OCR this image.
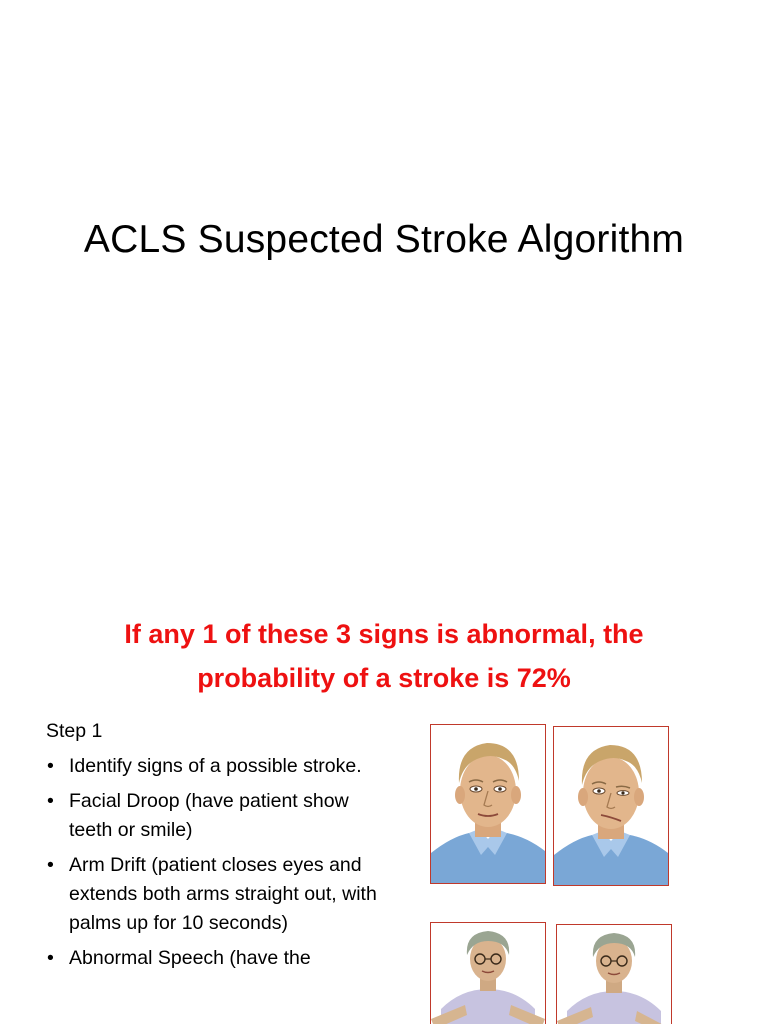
ACLS Suspected Stroke Algorithm
If any 1 of these 3 signs is abnormal, the
probability of a stroke is 72%
Step 1
• Identify signs of a possible stroke.
• Facial Droop (have patient show teeth or smile)
• Arm Drift (patient closes eyes and extends both arms straight out, with palms up for 10 seconds)
• Abnormal Speech (have the
